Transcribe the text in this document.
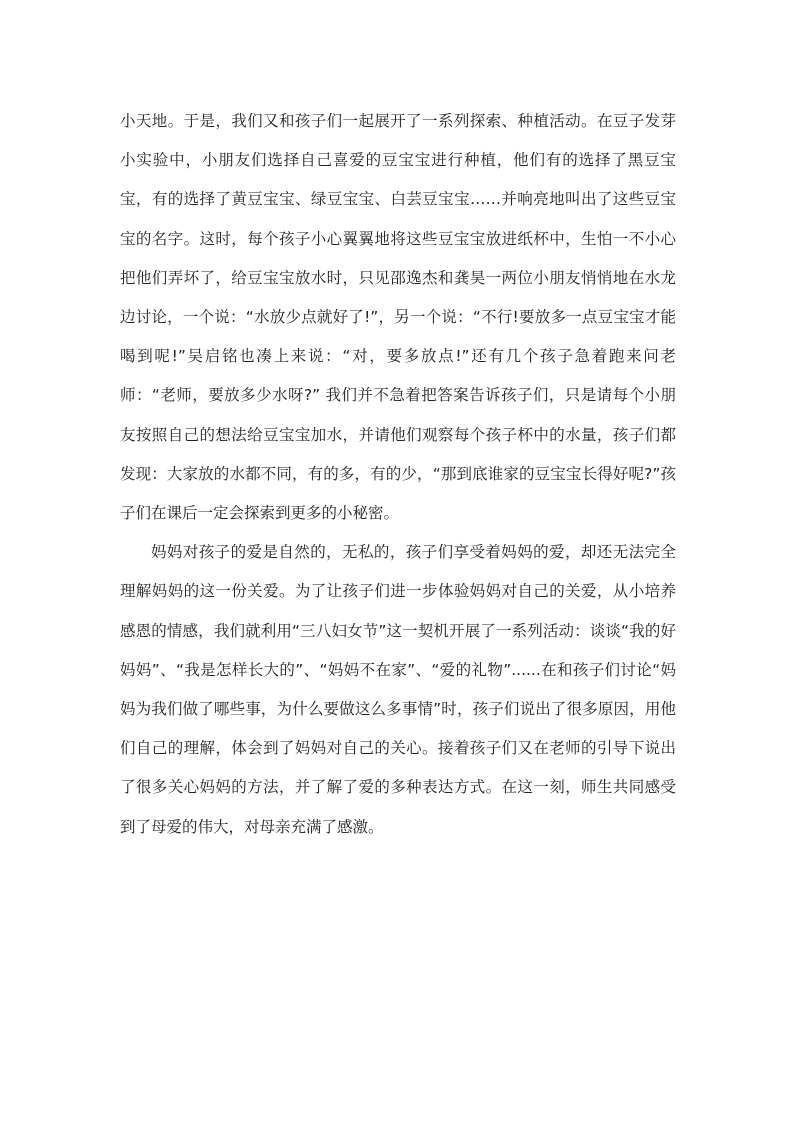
小天地。于是，我们又和孩子们一起展开了一系列探索、种植活动。在豆子发芽小实验中，小朋友们选择自己喜爱的豆宝宝进行种植，他们有的选择了黑豆宝宝，有的选择了黄豆宝宝、绿豆宝宝、白芸豆宝宝……并响亮地叫出了这些豆宝宝的名字。这时，每个孩子小心翼翼地将这些豆宝宝放进纸杯中，生怕一不小心把他们弄坏了，给豆宝宝放水时，只见邵逸杰和龚昊一两位小朋友悄悄地在水龙边讨论，一个说：“水放少点就好了!”，另一个说：“不行!要放多一点豆宝宝才能喝到呢!”吴启铭也凑上来说：“对，要多放点!”还有几个孩子急着跑来问老师：“老师，要放多少水呀?” 我们并不急着把答案告诉孩子们，只是请每个小朋友按照自己的想法给豆宝宝加水，并请他们观察每个孩子杯中的水量，孩子们都发现：大家放的水都不同，有的多，有的少，“那到底谁家的豆宝宝长得好呢?”孩子们在课后一定会探索到更多的小秘密。

妈妈对孩子的爱是自然的，无私的，孩子们享受着妈妈的爱，却还无法完全理解妈妈的这一份关爱。为了让孩子们进一步体验妈妈对自己的关爱，从小培养感恩的情感，我们就利用“三八妇女节”这一契机开展了一系列活动：谈谈“我的好妈妈”、“我是怎样长大的”、“妈妈不在家”、“爱的礼物”......在和孩子们讨论“妈妈为我们做了哪些事，为什么要做这么多事情”时，孩子们说出了很多原因，用他们自己的理解，体会到了妈妈对自己的关心。接着孩子们又在老师的引导下说出了很多关心妈妈的方法，并了解了爱的多种表达方式。在这一刻，师生共同感受到了母爱的伟大，对母亲充满了感激。
